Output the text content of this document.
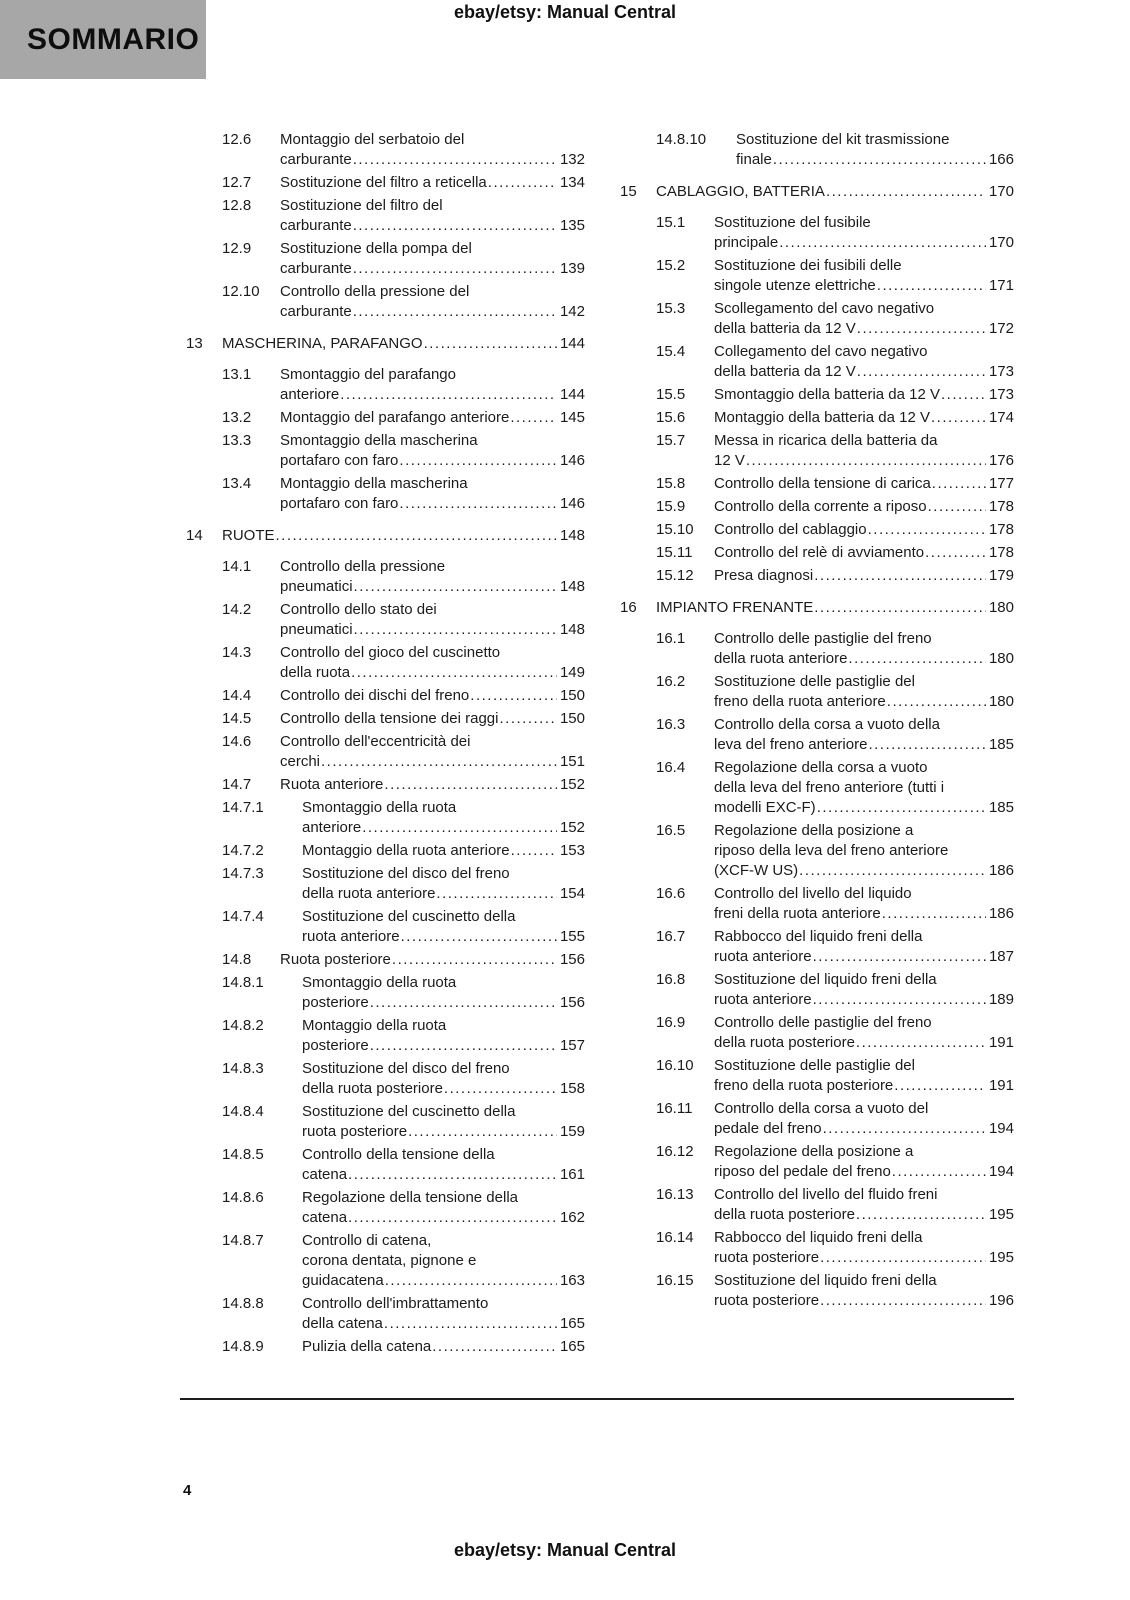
ebay/etsy: Manual Central
SOMMARIO
12.6	Montaggio del serbatoio del
carburante .....	132
12.7	Sostituzione del filtro a reticella .....	134
12.8	Sostituzione del filtro del
carburante .....	135
12.9	Sostituzione della pompa del
carburante .....	139
12.10	Controllo della pressione del
carburante .....	142
13	MASCHERINA, PARAFANGO .....	144
13.1	Smontaggio del parafango
anteriore .....	144
13.2	Montaggio del parafango anteriore .....	145
13.3	Smontaggio della mascherina
portafaro con faro .....	146
13.4	Montaggio della mascherina
portafaro con faro .....	146
14	RUOTE .....	148
14.1	Controllo della pressione
pneumatici .....	148
14.2	Controllo dello stato dei
pneumatici .....	148
14.3	Controllo del gioco del cuscinetto
della ruota .....	149
14.4	Controllo dei dischi del freno .....	150
14.5	Controllo della tensione dei raggi .....	150
14.6	Controllo dell'eccentricità dei
cerchi .....	151
14.7	Ruota anteriore .....	152
14.7.1	Smontaggio della ruota
anteriore .....	152
14.7.2	Montaggio della ruota anteriore .....	153
14.7.3	Sostituzione del disco del freno
della ruota anteriore .....	154
14.7.4	Sostituzione del cuscinetto della
ruota anteriore .....	155
14.8	Ruota posteriore .....	156
14.8.1	Smontaggio della ruota
posteriore .....	156
14.8.2	Montaggio della ruota
posteriore .....	157
14.8.3	Sostituzione del disco del freno
della ruota posteriore .....	158
14.8.4	Sostituzione del cuscinetto della
ruota posteriore .....	159
14.8.5	Controllo della tensione della
catena .....	161
14.8.6	Regolazione della tensione della
catena .....	162
14.8.7	Controllo di catena,
corona dentata, pignone e
guidacatena .....	163
14.8.8	Controllo dell'imbrattamento
della catena .....	165
14.8.9	Pulizia della catena .....	165
14.8.10	Sostituzione del kit trasmissione
finale .....	166
15	CABLAGGIO, BATTERIA .....	170
15.1	Sostituzione del fusibile
principale .....	170
15.2	Sostituzione dei fusibili delle
singole utenze elettriche .....	171
15.3	Scollegamento del cavo negativo
della batteria da 12 V .....	172
15.4	Collegamento del cavo negativo
della batteria da 12 V .....	173
15.5	Smontaggio della batteria da 12 V .....	173
15.6	Montaggio della batteria da 12 V .....	174
15.7	Messa in ricarica della batteria da
12 V .....	176
15.8	Controllo della tensione di carica .....	177
15.9	Controllo della corrente a riposo .....	178
15.10	Controllo del cablaggio .....	178
15.11	Controllo del relè di avviamento .....	178
15.12	Presa diagnosi .....	179
16	IMPIANTO FRENANTE .....	180
16.1	Controllo delle pastiglie del freno
della ruota anteriore .....	180
16.2	Sostituzione delle pastiglie del
freno della ruota anteriore .....	180
16.3	Controllo della corsa a vuoto della
leva del freno anteriore .....	185
16.4	Regolazione della corsa a vuoto
della leva del freno anteriore (tutti i
modelli EXC-F) .....	185
16.5	Regolazione della posizione a
riposo della leva del freno anteriore
(XCF-W US) .....	186
16.6	Controllo del livello del liquido
freni della ruota anteriore .....	186
16.7	Rabbocco del liquido freni della
ruota anteriore .....	187
16.8	Sostituzione del liquido freni della
ruota anteriore .....	189
16.9	Controllo delle pastiglie del freno
della ruota posteriore .....	191
16.10	Sostituzione delle pastiglie del
freno della ruota posteriore .....	191
16.11	Controllo della corsa a vuoto del
pedale del freno .....	194
16.12	Regolazione della posizione a
riposo del pedale del freno .....	194
16.13	Controllo del livello del fluido freni
della ruota posteriore .....	195
16.14	Rabbocco del liquido freni della
ruota posteriore .....	195
16.15	Sostituzione del liquido freni della
ruota posteriore .....	196
4
ebay/etsy: Manual Central
